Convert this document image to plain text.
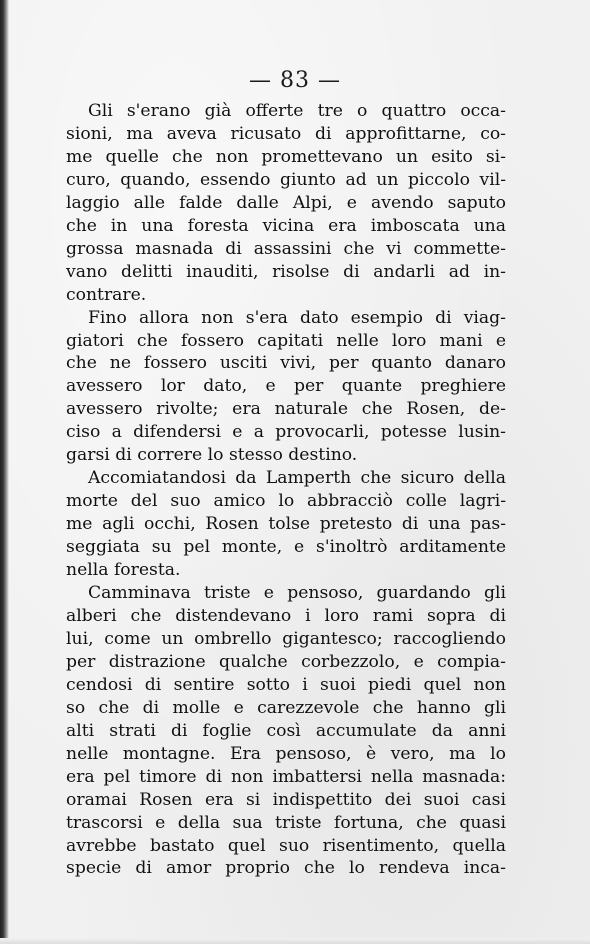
— 83 —

Gli s'erano già offerte tre o quattro occa-
sioni, ma aveva ricusato di approfittarne, co-
me quelle che non promettevano un esito si-
curo, quando, essendo giunto ad un piccolo vil-
laggio alle falde dalle Alpi, e avendo saputo
che in una foresta vicina era imboscata una
grossa masnada di assassini che vi commette-
vano delitti inauditi, risolse di andarli ad in-
contrare.

Fino allora non s'era dato esempio di viag-
giatori che fossero capitati nelle loro mani e
che ne fossero usciti vivi, per quanto danaro
avessero lor dato, e per quante preghiere
avessero rivolte; era naturale che Rosen, de-
ciso a difendersi e a provocarli, potesse lusin-
garsi di correre lo stesso destino.

Accomiatandosi da Lamperth che sicuro della
morte del suo amico lo abbracciò colle lagri-
me agli occhi, Rosen tolse pretesto di una pas-
seggiata su pel monte, e s'inoltrò arditamente
nella foresta.

Camminava triste e pensoso, guardando gli
alberi che distendevano i loro rami sopra di
lui, come un ombrello gigantesco; raccogliendo
per distrazione qualche corbezzolo, e compia-
cendosi di sentire sotto i suoi piedi quel non
so che di molle e carezzevole che hanno gli
alti strati di foglie così accumulate da anni
nelle montagne. Era pensoso, è vero, ma lo
era pel timore di non imbattersi nella masnada:
oramai Rosen era si indispettito dei suoi casi
trascorsi e della sua triste fortuna, che quasi
avrebbe bastato quel suo risentimento, quella
specie di amor proprio che lo rendeva inca-
